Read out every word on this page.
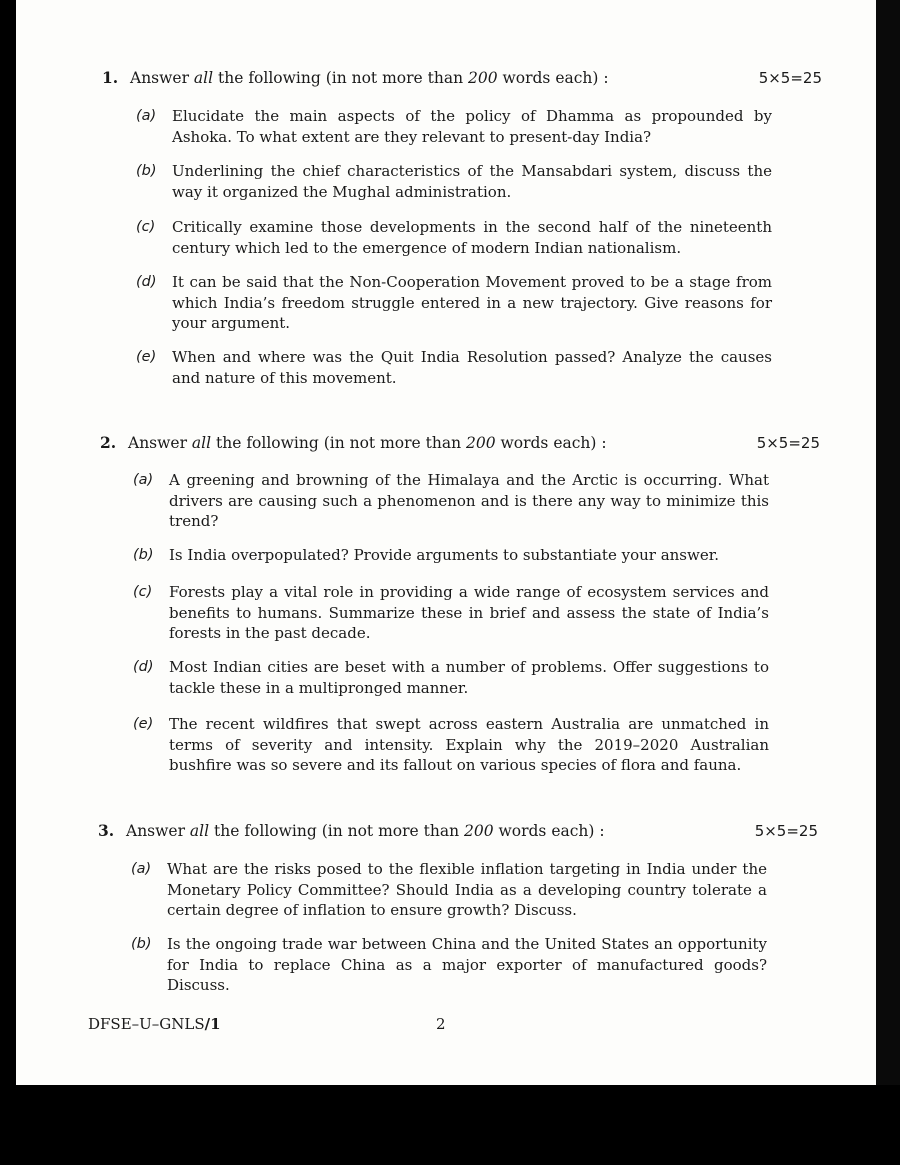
1. Answer all the following (in not more than 200 words each) :	5×5=25
(a) Elucidate the main aspects of the policy of Dhamma as propounded by Ashoka. To what extent are they relevant to present-day India?
(b) Underlining the chief characteristics of the Mansabdari system, discuss the way it organized the Mughal administration.
(c) Critically examine those developments in the second half of the nineteenth century which led to the emergence of modern Indian nationalism.
(d) It can be said that the Non-Cooperation Movement proved to be a stage from which India’s freedom struggle entered in a new trajectory. Give reasons for your argument.
(e) When and where was the Quit India Resolution passed? Analyze the causes and nature of this movement.
2. Answer all the following (in not more than 200 words each) :	5×5=25
(a) A greening and browning of the Himalaya and the Arctic is occurring. What drivers are causing such a phenomenon and is there any way to minimize this trend?
(b) Is India overpopulated? Provide arguments to substantiate your answer.
(c) Forests play a vital role in providing a wide range of ecosystem services and benefits to humans. Summarize these in brief and assess the state of India’s forests in the past decade.
(d) Most Indian cities are beset with a number of problems. Offer suggestions to tackle these in a multipronged manner.
(e) The recent wildfires that swept across eastern Australia are unmatched in terms of severity and intensity. Explain why the 2019–2020 Australian bushfire was so severe and its fallout on various species of flora and fauna.
3. Answer all the following (in not more than 200 words each) :	5×5=25
(a) What are the risks posed to the flexible inflation targeting in India under the Monetary Policy Committee? Should India as a developing country tolerate a certain degree of inflation to ensure growth? Discuss.
(b) Is the ongoing trade war between China and the United States an opportunity for India to replace China as a major exporter of manufactured goods? Discuss.
DFSE–U–GNLS/1	2
